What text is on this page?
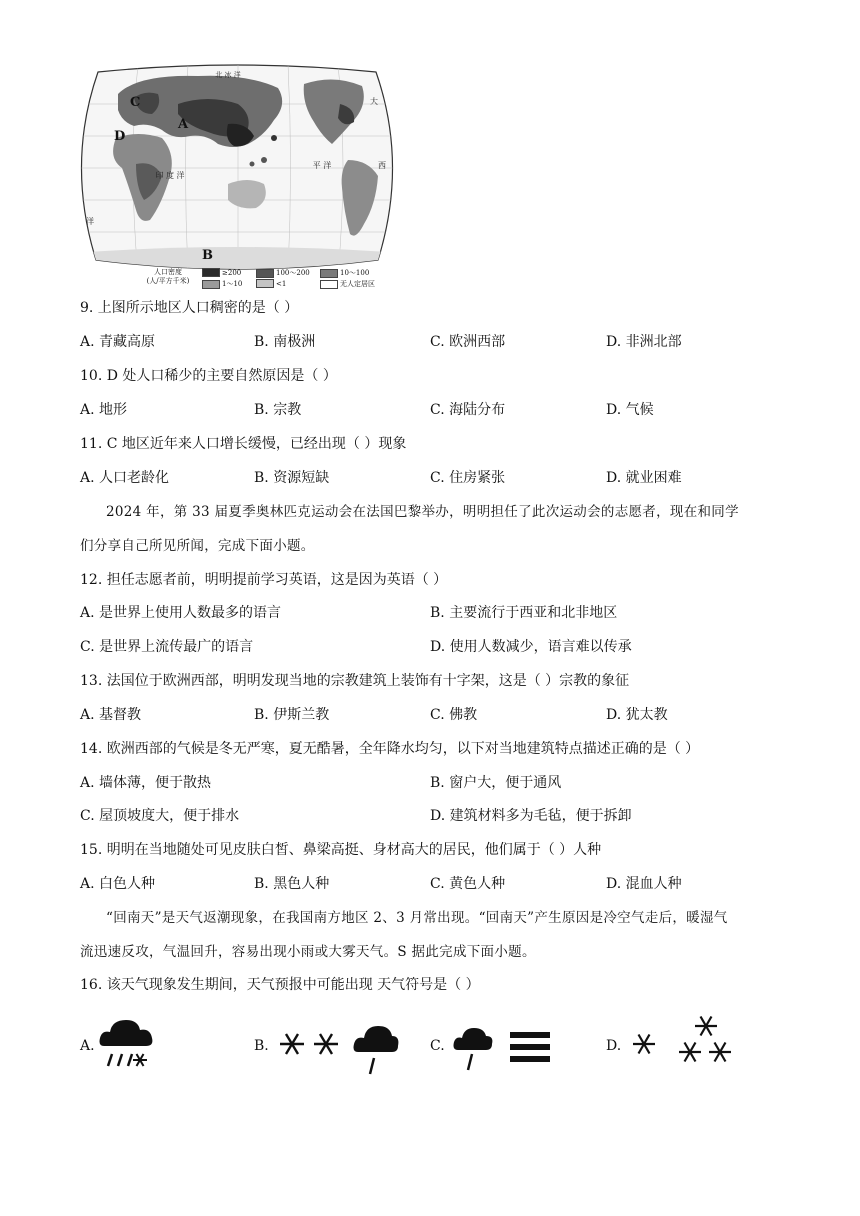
北 冰 洋
印 度 洋
平 洋
洋
大
西
A
B
C
D
人口密度
(人/平方千米)
≥200	100～200	10～100
1～10	<1	无人定居区
9. 上图所示地区人口稠密的是（ ）
A. 青藏高原	B. 南极洲	C. 欧洲西部	D. 非洲北部
10. D 处人口稀少的主要自然原因是（ ）
A. 地形	B. 宗教	C. 海陆分布	D. 气候
11. C 地区近年来人口增长缓慢，已经出现（ ）现象
A. 人口老龄化	B. 资源短缺	C. 住房紧张	D. 就业困难
2024 年，第 33 届夏季奥林匹克运动会在法国巴黎举办，明明担任了此次运动会的志愿者，现在和同学
们分享自己所见所闻，完成下面小题。
12. 担任志愿者前，明明提前学习英语，这是因为英语（ ）
A. 是世界上使用人数最多的语言	B. 主要流行于西亚和北非地区
C. 是世界上流传最广的语言	D. 使用人数减少，语言难以传承
13. 法国位于欧洲西部，明明发现当地的宗教建筑上装饰有十字架，这是（ ）宗教的象征
A. 基督教	B. 伊斯兰教	C. 佛教	D. 犹太教
14. 欧洲西部的气候是冬无严寒，夏无酷暑，全年降水均匀，以下对当地建筑特点描述正确的是（ ）
A. 墙体薄，便于散热	B. 窗户大，便于通风
C. 屋顶坡度大，便于排水	D. 建筑材料多为毛毡，便于拆卸
15. 明明在当地随处可见皮肤白皙、鼻梁高挺、身材高大的居民，他们属于（ ）人种
A. 白色人种	B. 黑色人种	C. 黄色人种	D. 混血人种
“回南天”是天气返潮现象，在我国南方地区 2、3 月常出现。“回南天”产生原因是冷空气走后，暖湿气
流迅速反攻，气温回升，容易出现小雨或大雾天气。S 据此完成下面小题。
16. 该天气现象发生期间，天气预报中可能出现 天气符号是（ ）
A.	B.	C.	D.
